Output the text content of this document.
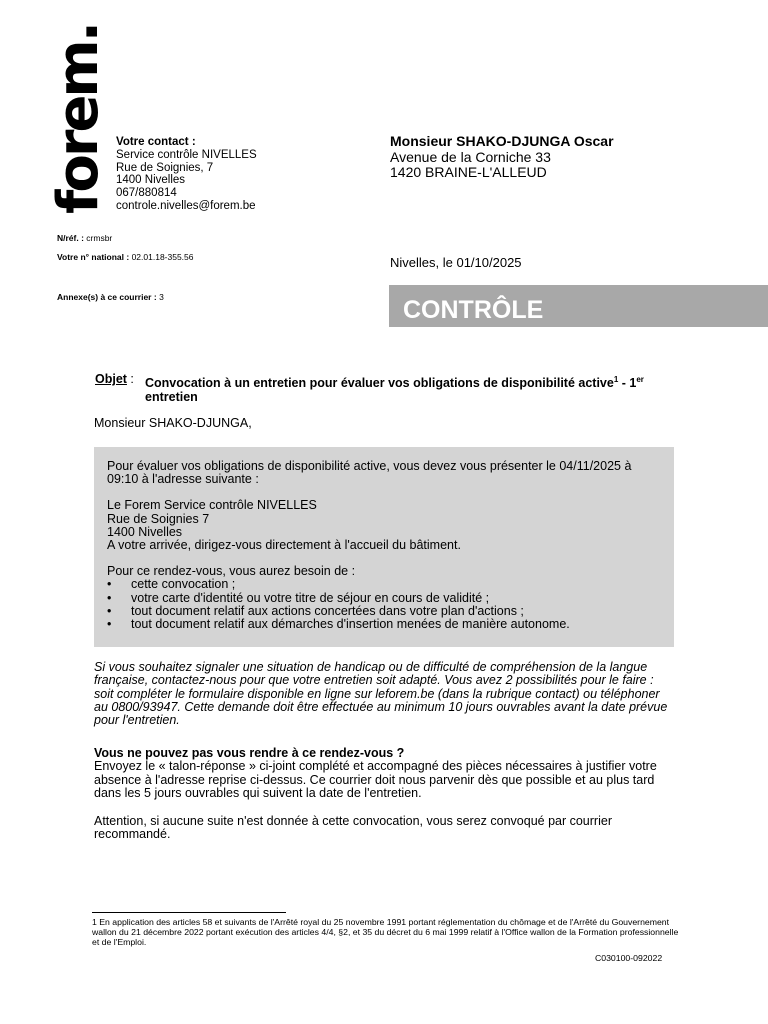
forem. Votre contact :
Service contrôle NIVELLES
Rue de Soignies, 7
1400 Nivelles
067/880814
controle.nivelles@forem.be
Monsieur SHAKO-DJUNGA Oscar
Avenue de la Corniche 33
1420 BRAINE-L'ALLEUD
N/réf. : crmsbr
Votre n° national : 02.01.18-355.56
Annexe(s) à ce courrier : 3
Nivelles, le 01/10/2025
CONTRÔLE
Objet : Convocation à un entretien pour évaluer vos obligations de disponibilité active$^1$ - 1er
entretien
Monsieur SHAKO-DJUNGA,

Pour évaluer vos obligations de disponibilité active, vous devez vous présenter le 04/11/2025 à 09:10 à l'adresse suivante :

Le Forem Service contrôle NIVELLES
Rue de Soignies 7
1400 Nivelles
A votre arrivée, dirigez-vous directement à l'accueil du bâtiment.

Pour ce rendez-vous, vous aurez besoin de :

• cette convocation ;
• votre carte d'identité ou votre titre de séjour en cours de validité ;
• tout document relatif aux actions concertées dans votre plan d'actions ;
• tout document relatif aux démarches d'insertion menées de manière autonome.
Si vous souhaitez signaler une situation de handicap ou de difficulté de compréhension de la langue française, contactez-nous pour que votre entretien soit adapté. Vous avez 2 possibilités pour le faire : soit compléter le formulaire disponible en ligne sur leforem.be (dans la rubrique contact) ou téléphoner au 0800/93947. Cette demande doit être effectuée au minimum 10 jours ouvrables avant la date prévue pour l'entretien.
Vous ne pouvez pas vous rendre à ce rendez-vous ?
Envoyez le « talon-réponse » ci-joint complété et accompagné des pièces nécessaires à justifier votre absence à l'adresse reprise ci-dessus. Ce courrier doit nous parvenir dès que possible et au plus tard dans les 5 jours ouvrables qui suivent la date de l'entretien.
Attention, si aucune suite n'est donnée à cette convocation, vous serez convoqué par courrier recommandé.
1 En application des articles 58 et suivants de l'Arrêté royal du 25 novembre 1991 portant réglementation du chômage et de l'Arrêté du Gouvernement wallon du 21 décembre 2022 portant exécution des articles 4/4, §2, et 35 du décret du 6 mai 1999 relatif à l'Office wallon de la Formation professionnelle et de l'Emploi.
C030100-092022
